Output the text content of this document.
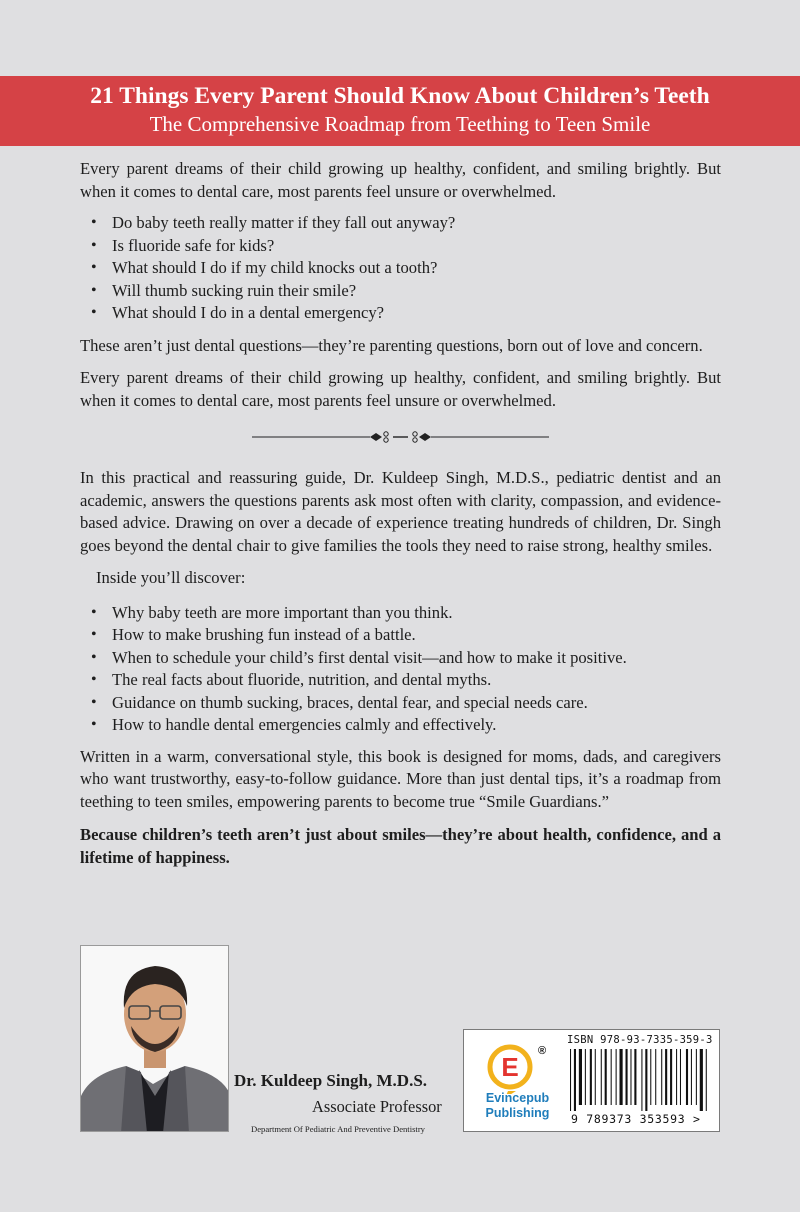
21 Things Every Parent Should Know About Children’s Teeth
The Comprehensive Roadmap from Teething to Teen Smile

Every parent dreams of their child growing up healthy, confident, and smiling brightly. But when it comes to dental care, most parents feel unsure or overwhelmed.

• Do baby teeth really matter if they fall out anyway?
• Is fluoride safe for kids?
• What should I do if my child knocks out a tooth?
• Will thumb sucking ruin their smile?
• What should I do in a dental emergency?

These aren’t just dental questions—they’re parenting questions, born out of love and concern.

Every parent dreams of their child growing up healthy, confident, and smiling brightly. But when it comes to dental care, most parents feel unsure or overwhelmed.

In this practical and reassuring guide, Dr. Kuldeep Singh, M.D.S., pediatric dentist and an academic, answers the questions parents ask most often with clarity, compassion, and evidence-based advice. Drawing on over a decade of experience treating hundreds of children, Dr. Singh goes beyond the dental chair to give families the tools they need to raise strong, healthy smiles.

Inside you’ll discover:

• Why baby teeth are more important than you think.
• How to make brushing fun instead of a battle.
• When to schedule your child’s first dental visit—and how to make it positive.
• The real facts about fluoride, nutrition, and dental myths.
• Guidance on thumb sucking, braces, dental fear, and special needs care.
• How to handle dental emergencies calmly and effectively.

Written in a warm, conversational style, this book is designed for moms, dads, and caregivers who want trustworthy, easy-to-follow guidance. More than just dental tips, it’s a roadmap from teething to teen smiles, empowering parents to become true “Smile Guardians.”

Because children’s teeth aren’t just about smiles—they’re about health, confidence, and a lifetime of happiness.

Dr. Kuldeep Singh, M.D.S.
Associate Professor
Department Of Pediatric And Preventive Dentistry
E
®
Evincepub
Publishing
ISBN 978-93-7335-359-3
9 789373 353593 >
